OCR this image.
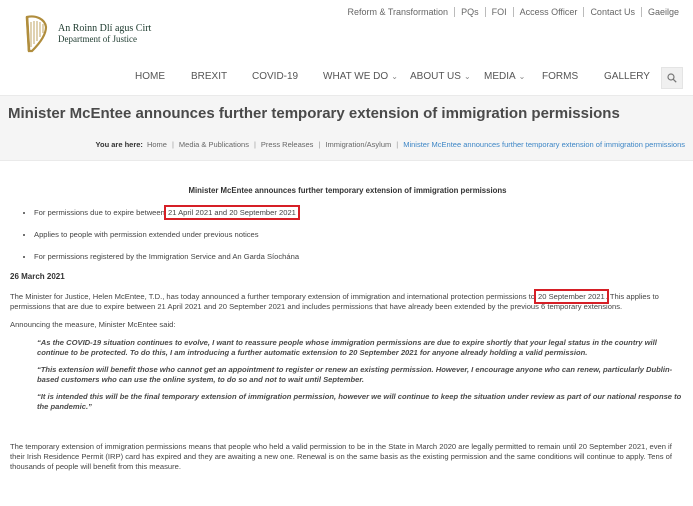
Reform & Transformation	PQs	FOI	Access Officer	Contact Us	Gaeilge
An Roinn Dlí agus Cirt
Department of Justice
HOME	BREXIT COVID-19 WHAT WE DO ⌄ ABOUT US ⌄ MEDIA ⌄ FORMS	GALLERY
Minister McEntee announces further temporary extension of immigration permissions
You are here: Home | Media & Publications | Press Releases | Immigration/Asylum | Minister McEntee announces further temporary extension of immigration permissions
Minister McEntee announces further temporary extension of immigration permissions
• For permissions due to expire between 21 April 2021 and 20 September 2021
• Applies to people with permission extended under previous notices
• For permissions registered by the Immigration Service and An Garda Síochána
26 March 2021

The Minister for Justice, Helen McEntee, T.D., has today announced a further temporary extension of immigration and international protection permissions to 20 September 2021. This applies to permissions that are due to expire between 21 April 2021 and 20 September 2021 and includes permissions that have already been extended by the previous 6 temporary extensions.

Announcing the measure, Minister McEntee said:

“As the COVID-19 situation continues to evolve, I want to reassure people whose immigration permissions are due to expire shortly that your legal status in the country will continue to be protected. To do this, I am introducing a further automatic extension to 20 September 2021 for anyone already holding a valid permission.

“This extension will benefit those who cannot get an appointment to register or renew an existing permission. However, I encourage anyone who can renew, particularly Dublin-based customers who can use the online system, to do so and not to wait until September.

“It is intended this will be the final temporary extension of immigration permission, however we will continue to keep the situation under review as part of our national response to the pandemic.”

The temporary extension of immigration permissions means that people who held a valid permission to be in the State in March 2020 are legally permitted to remain until 20 September 2021, even if their Irish Residence Permit (IRP) card has expired and they are awaiting a new one. Renewal is on the same basis as the existing permission and the same conditions will continue to apply. Tens of thousands of people will benefit from this measure.
